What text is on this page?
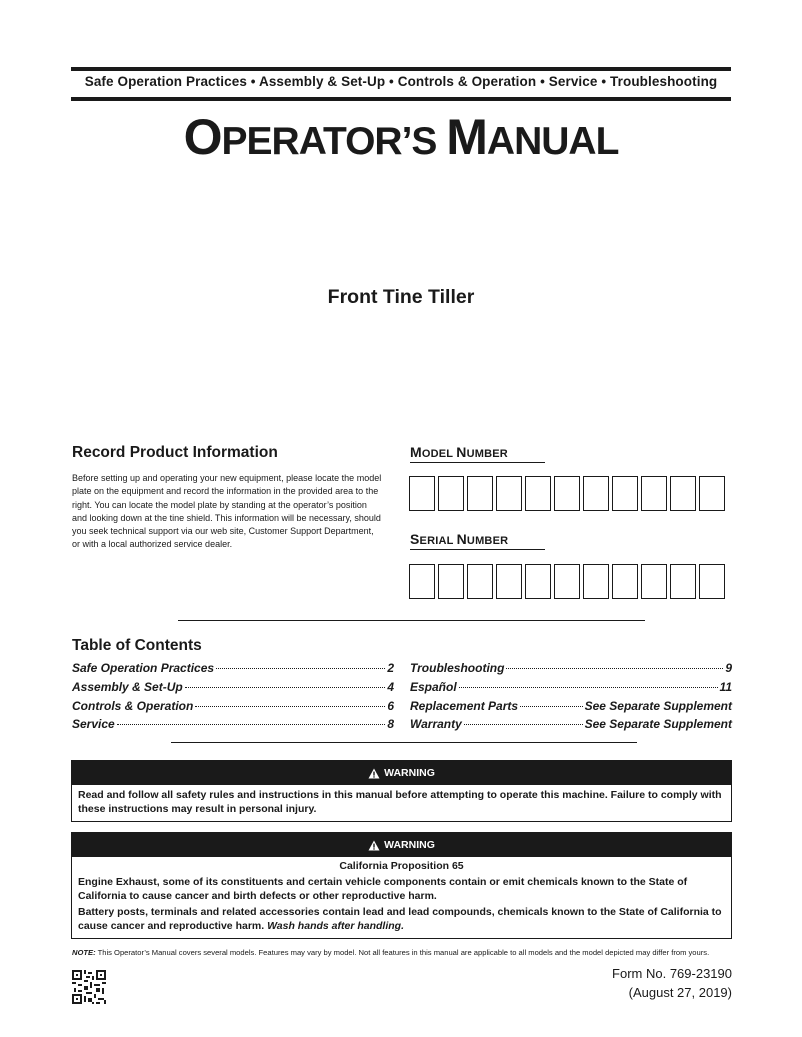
Safe Operation Practices • Assembly & Set-Up • Controls & Operation • Service • Troubleshooting
OPERATOR’S MANUAL
Front Tine Tiller
Record Product Information
Before setting up and operating your new equipment, please locate the model plate on the equipment and record the information in the provided area to the right. You can locate the model plate by standing at the operator’s position and looking down at the tine shield. This information will be necessary, should you seek technical support via our web site, Customer Support Department, or with a local authorized service dealer.
MODEL NUMBER
SERIAL NUMBER
Table of Contents
Safe Operation Practices	2
Assembly & Set-Up	4
Controls & Operation	6
Service	8
Troubleshooting	9
Español	11
Replacement Parts	See Separate Supplement
Warranty	See Separate Supplement
WARNING
Read and follow all safety rules and instructions in this manual before attempting to operate this machine. Failure to comply with these instructions may result in personal injury.
WARNING
California Proposition 65
Engine Exhaust, some of its constituents and certain vehicle components contain or emit chemicals known to the State of California to cause cancer and birth defects or other reproductive harm.
Battery posts, terminals and related accessories contain lead and lead compounds, chemicals known to the State of California to cause cancer and reproductive harm. Wash hands after handling.
NOTE: This Operator’s Manual covers several models. Features may vary by model. Not all features in this manual are applicable to all models and the model depicted may differ from yours.
Form No. 769-23190
(August 27, 2019)
